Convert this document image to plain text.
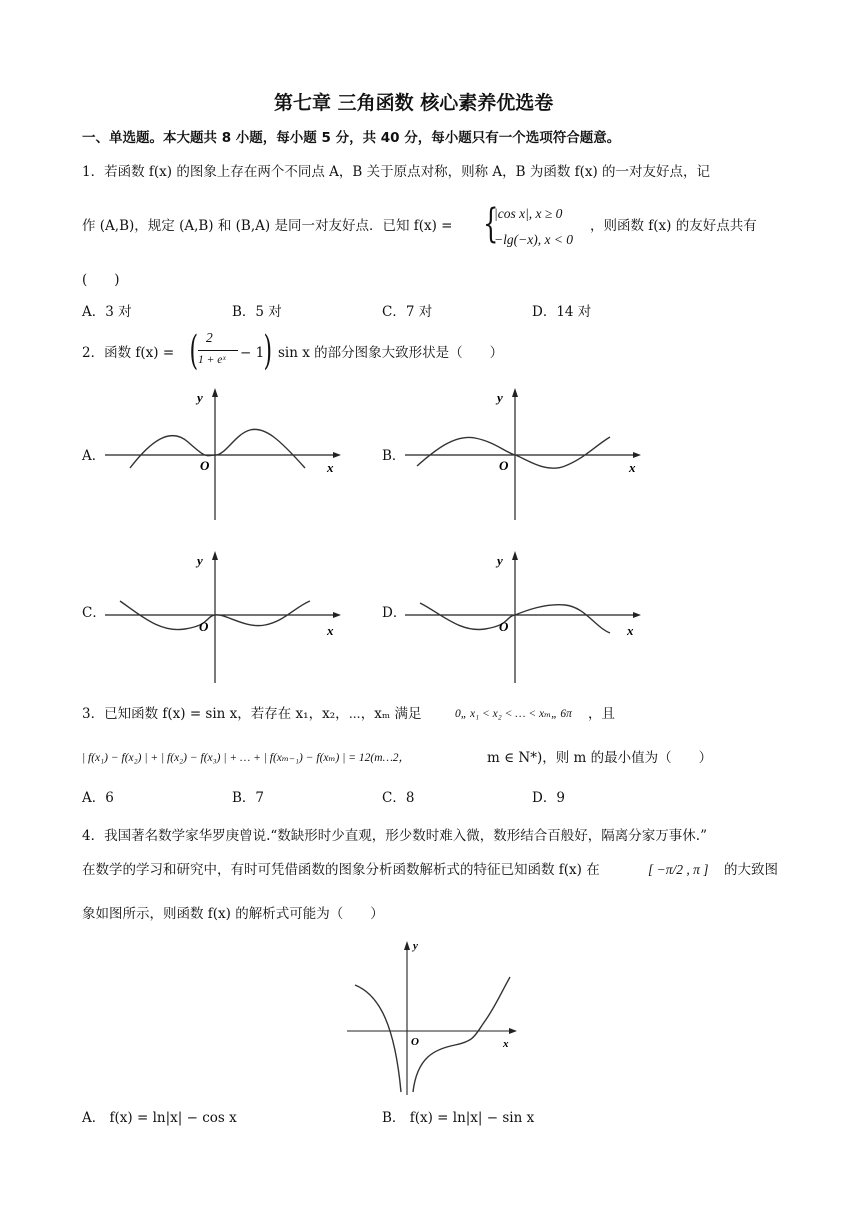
第七章 三角函数 核心素养优选卷
一、单选题。本大题共 8 小题，每小题 5 分，共 40 分，每小题只有一个选项符合题意。
1．若函数 f(x) 的图象上存在两个不同点 A，B 关于原点对称，则称 A，B 为函数 f(x) 的一对友好点，记
作 (A,B)，规定 (A,B) 和 (B,A) 是同一对友好点．已知 f(x) = {
|cos x|, x ≥ 0
−lg(−x), x < 0
，则函数 f(x) 的友好点共有
(　　)
A．3 对	B．5 对	C．7 对	D．14 对
2．函数 f(x) = ( 2
1 + eˣ − 1 ) sin x 的部分图象大致形状是（　　）
A．	B．
C．	D．
y
x
O
y
x
O
y
x
O
y
x
O
3．已知函数 f(x) = sin x，若存在 x₁，x₂，⋯，xₘ 满足	0„ x₁ < x₂ < … < xₘ„ 6π ，且
| f(x₁) − f(x₂) | + | f(x₂) − f(x₃) | + … + | f(xₘ₋₁) − f(xₘ) | = 12(m…2，	m ∈ N*)，则 m 的最小值为（　　）
A．6	B．7	C．8	D．9
4．我国著名数学家华罗庚曾说.“数缺形时少直观，形少数时难入微，数形结合百般好，隔离分家万事休.”
在数学的学习和研究中，有时可凭借函数的图象分析函数解析式的特征已知函数 f(x) 在	[ −π/2 , π ] 的大致图
象如图所示，则函数 f(x) 的解析式可能为（　　）
y
x
O
A． f(x) = ln|x| − cos x	B． f(x) = ln|x| − sin x
